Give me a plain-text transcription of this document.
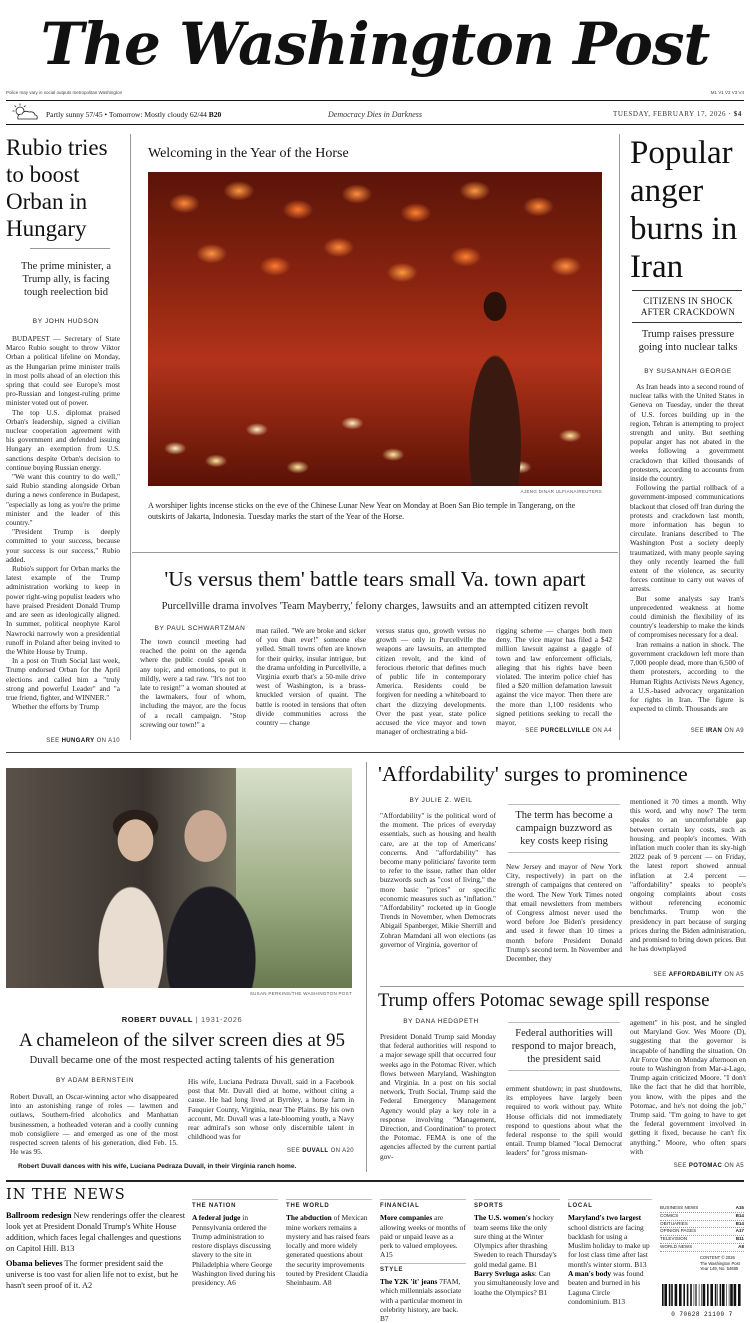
The Washington Post
Police may vary in social outputs metropolitan Washington	M1 V1 V2 V3 V4
Partly sunny 57/45 • Tomorrow: Mostly cloudy 62/44 B20	Democracy Dies in Darkness	TUESDAY, FEBRUARY 17, 2026 · $4
Rubio tries to boost Orban in Hungary
The prime minister, a Trump ally, is facing tough reelection bid
BY JOHN HUDSON

BUDAPEST — Secretary of State Marco Rubio sought to throw Viktor Orban a political lifeline on Monday, as the Hungarian prime minister trails in most polls ahead of an election this spring that could see Europe's most pro-Russian and longest-ruling prime minister voted out of power.

The top U.S. diplomat praised Orban's leadership, signed a civilian nuclear cooperation agreement with his government and defended issuing Hungary an exemption from U.S. sanctions despite Orban's decision to continue buying Russian energy.

"We want this country to do well," said Rubio standing alongside Orban during a news conference in Budapest, "especially as long as you're the prime minister and the leader of this country."

"President Trump is deeply committed to your success, because your success is our success," Rubio added.

Rubio's support for Orban marks the latest example of the Trump administration working to keep in power right-wing populist leaders who have praised President Donald Trump and are seen as ideologically aligned. In summer, political neophyte Karol Nawrocki narrowly won a presidential runoff in Poland after being invited to the White House by Trump.

In a post on Truth Social last week, Trump endorsed Orban for the April elections and called him a "truly strong and powerful Leader" and "a true friend, fighter, and WINNER."

Whether the efforts by Trump

SEE HUNGARY ON A10
Welcoming in the Year of the Horse
AJENG DINAR ULFIANA/REUTERS
A worshiper lights incense sticks on the eve of the Chinese Lunar New Year on Monday at Boen San Bio temple in Tangerang, on the outskirts of Jakarta, Indonesia. Tuesday marks the start of the Year of the Horse.
Popular anger burns in Iran
CITIZENS IN SHOCK AFTER CRACKDOWN
Trump raises pressure going into nuclear talks
BY SUSANNAH GEORGE

As Iran heads into a second round of nuclear talks with the United States in Geneva on Tuesday, under the threat of U.S. forces building up in the region, Tehran is attempting to project strength and unity. But seething popular anger has not abated in the weeks following a government crackdown that killed thousands of protesters, according to accounts from inside the country.

Following the partial rollback of a government-imposed communications blackout that closed off Iran during the protests and crackdown last month, more information has begun to circulate. Iranians described to The Washington Post a society deeply traumatized, with many people saying they only recently learned the full extent of the violence, as security forces continue to carry out waves of arrests.

But some analysts say Iran's unprecedented weakness at home could diminish the flexibility of its country's leadership to make the kinds of compromises necessary for a deal.

Iran remains a nation in shock. The government crackdown left more than 7,000 people dead, more than 6,500 of them protesters, according to the Human Rights Activists News Agency, a U.S.-based advocacy organization for rights in Iran. The figure is expected to climb. Thousands are

SEE IRAN ON A9
'Us versus them' battle tears small Va. town apart
Purcellville drama involves 'Team Mayberry,' felony charges, lawsuits and an attempted citizen revolt
BY PAUL SCHWARTZMAN
The town council meeting had reached the point on the agenda where the public could speak on any topic, and emotions, to put it mildly, were a tad raw. "It's not too late to resign!" a woman shouted at the lawmakers, four of whom, including the mayor, are the focus of a recall campaign. "Stop screwing our town!" a
man railed. "We are broke and sicker of you than ever!" someone else yelled. Small towns often are known for their quirky, insular intrigue, but the drama unfolding in Purcellville, a Virginia exurb that's a 50-mile drive west of Washington, is a brass-knuckled version of quaint. The battle is rooted in tensions that often divide communities across the country — change
versus status quo, growth versus no growth — only in Purcellville the weapons are lawsuits, an attempted citizen revolt, and the kind of ferocious rhetoric that defines much of public life in contemporary America. Residents could be forgiven for needing a whiteboard to chart the dizzying developments. Over the past year, state police accused the vice mayor and town manager of orchestrating a bid-
rigging scheme — charges both men deny. The vice mayor has filed a $42 million lawsuit against a gaggle of town and law enforcement officials, alleging that his rights have been violated. The interim police chief has filed a $20 million defamation lawsuit against the vice mayor. Then there are the more than 1,100 residents who signed petitions seeking to recall the mayor,
SEE PURCELLVILLE ON A4
SUSAN PERKINS/THE WASHINGTON POST
ROBERT DUVALL | 1931-2026
A chameleon of the silver screen dies at 95
Duvall became one of the most respected acting talents of his generation
BY ADAM BERNSTEIN
Robert Duvall, an Oscar-winning actor who disappeared into an astonishing range of roles — lawmen and outlaws, Southern-fried alcoholics and Manhattan businessmen, a hotheaded veteran and a coolly cunning mob consigliere — and emerged as one of the most respected screen talents of his generation, died Feb. 15. He was 95.
His wife, Luciana Pedraza Duvall, said in a Facebook post that Mr. Duvall died at home, without citing a cause. He had long lived at Byrnley, a horse farm in Fauquier County, Virginia, near The Plains. By his own account, Mr. Duvall was a late-blooming youth, a Navy rear admiral's son whose only discernible talent in childhood was for
SEE DUVALL ON A20
Robert Duvall dances with his wife, Luciana Pedraza Duvall, in their Virginia ranch home.
'Affordability' surges to prominence
BY JULIE Z. WEIL
"Affordability" is the political word of the moment. The prices of everyday essentials, such as housing and health care, are at the top of Americans' concerns. And "affordability" has become many politicians' favorite term to refer to the issue, rather than older buzzwords such as "cost of living," the more basic "prices" or specific economic measures such as "inflation." "Affordability" rocketed up in Google Trends in November, when Democrats Abigail Spanberger, Mikie Sherrill and Zohran Mamdani all won elections (as governor of Virginia, governor of
The term has become a campaign buzzword as key costs keep rising
New Jersey and mayor of New York City, respectively) in part on the strength of campaigns that centered on the word. The New York Times noted that email newsletters from members of Congress almost never used the word before Joe Biden's presidency and used it fewer than 10 times a month before President Donald Trump's second term. In November and December, they
mentioned it 70 times a month. Why this word, and why now? The term speaks to an uncomfortable gap between certain key costs, such as housing, and people's incomes. With inflation much cooler than its sky-high 2022 peak of 9 percent — on Friday, the latest report showed annual inflation at 2.4 percent — "affordability" speaks to people's ongoing complaints about costs without referencing economic benchmarks. Trump won the presidency in part because of surging prices during the Biden administration, and promised to bring down prices. But he has downplayed
SEE AFFORDABILITY ON A5
Trump offers Potomac sewage spill response
BY DANA HEDGPETH
President Donald Trump said Monday that federal authorities will respond to a major sewage spill that occurred four weeks ago in the Potomac River, which flows between Maryland, Washington and Virginia. In a post on his social network, Truth Social, Trump said the Federal Emergency Management Agency would play a key role in a response involving "Management, Direction, and Coordination" to protect the Potomac. FEMA is one of the agencies affected by the current partial gov-
Federal authorities will respond to major breach, the president said
ernment shutdown; in past shutdowns, its employees have largely been required to work without pay. White House officials did not immediately respond to questions about what the federal response to the spill would entail. Trump blamed "local Democrat leaders" for "gross misman-
agement" in his post, and he singled out Maryland Gov. Wes Moore (D), suggesting that the governor is incapable of handling the situation. On Air Force One on Monday afternoon en route to Washington from Mar-a-Lago, Trump again criticized Moore. "I don't like the fact that he did that horrible, you know, with the pipes and the Potomac, and he's not doing the job," Trump said. "I'm going to have to get the federal government involved in getting it fixed, because he can't fix anything." Moore, who often spars with
SEE POTOMAC ON A5
IN THE NEWS

Ballroom redesign New renderings offer the clearest look yet at President Donald Trump's White House addition, which faces legal challenges and questions on Capitol Hill. B13

Obama believes The former president said the universe is too vast for alien life not to exist, but he hasn't seen proof of it. A2

THE NATION
A federal judge in Pennsylvania ordered the Trump administration to restore displays discussing slavery to the site in Philadelphia where George Washington lived during his presidency. A6
THE WORLD
The abduction of Mexican mine workers remains a mystery and has raised fears locally and more widely generated questions about the security improvements touted by President Claudia Sheinbaum. A8
FINANCIAL
More companies are allowing weeks or months of paid or unpaid leave as a perk to valued employees. A15
STYLE
The Y2K 'it' jeans 7FAM, which millennials associate with a particular moment in celebrity history, are back. B7
SPORTS
The U.S. women's hockey team seems like the only sure thing at the Winter Olympics after thrashing Sweden to reach Thursday's gold medal game. B1
Barry Svrluga asks: Can you simultaneously love and loathe the Olympics? B1
LOCAL
Maryland's two largest school districts are facing backlash for using a Muslim holiday to make up for lost class time after last month's winter storm. B13
A man's body was found beaten and burned in his Laguna Circle condominium. B13
BUSINESS NEWS	A15
COMICS	B14
OBITUARIES	B14
OPINION PAGES	A17
TELEVISION	B11
WORLD NEWS	A8
CONTENT © 2026
The Washington Post
Year 149, No. 54685
0 70628 21100 7
